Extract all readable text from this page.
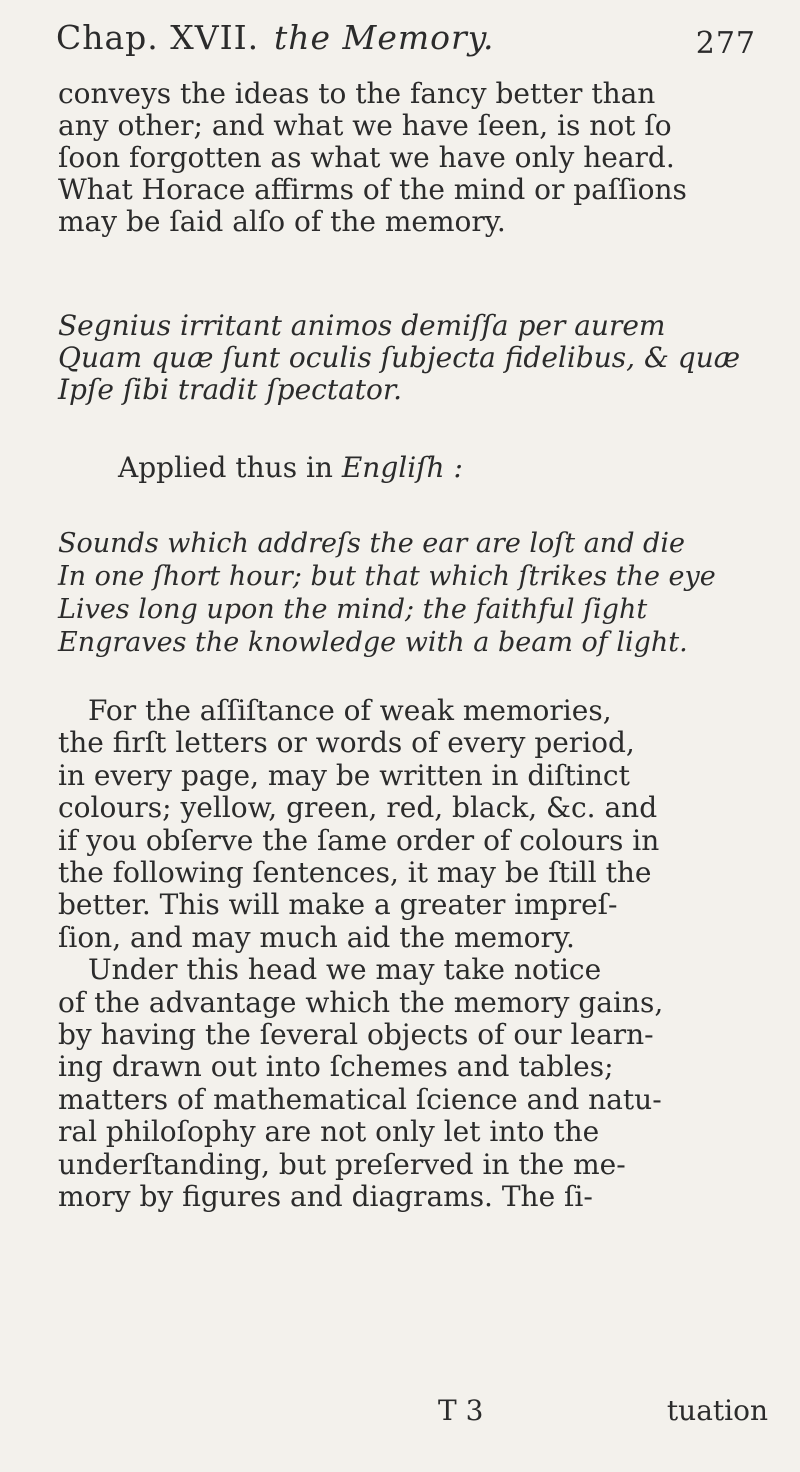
Chap. XVII. the Memory.	277
conveys the ideas to the fancy better than
any other; and what we have ſeen, is not ſo
ſoon forgotten as what we have only heard.
What Horace affirms of the mind or paſſions
may be ſaid alſo of the memory.
Segnius irritant animos demiſſa per aurem
Quam quæ ſunt oculis ſubjecta fidelibus, & quæ
Ipſe ſibi tradit ſpectator.
Applied thus in Engliſh :
Sounds which addreſs the ear are loſt and die
In one ſhort hour; but that which ſtrikes the eye
Lives long upon the mind; the faithful ſight
Engraves the knowledge with a beam of light.
For the aſſiſtance of weak memories,
the firſt letters or words of every period,
in every page, may be written in diſtinct
colours; yellow, green, red, black, &c. and
if you obſerve the ſame order of colours in
the following ſentences, it may be ſtill the
better. This will make a greater impreſ-
ſion, and may much aid the memory.
Under this head we may take notice
of the advantage which the memory gains,
by having the ſeveral objects of our learn-
ing drawn out into ſchemes and tables;
matters of mathematical ſcience and natu-
ral philoſophy are not only let into the
underſtanding, but preſerved in the me-
mory by figures and diagrams. The ſi-
T 3	tuation
